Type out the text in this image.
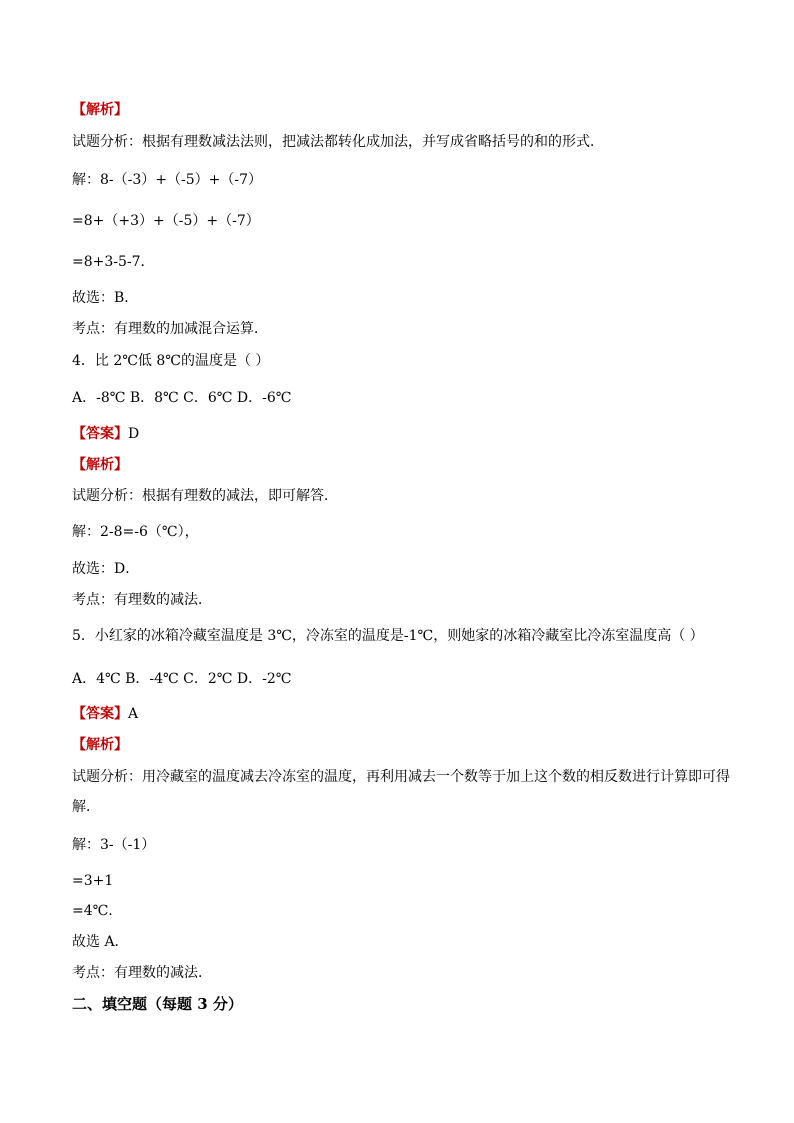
【解析】
试题分析：根据有理数减法法则，把减法都转化成加法，并写成省略括号的和的形式．
解：8-（-3）+（-5）+（-7）
=8+（+3）+（-5）+（-7）
=8+3-5-7．
故选：B．
考点：有理数的加减混合运算．
4．比 2℃低 8℃的温度是（ ）
A．-8℃ B．8℃ C．6℃ D．-6℃
【答案】D
【解析】
试题分析：根据有理数的减法，即可解答．
解：2-8=-6（℃），
故选：D．
考点：有理数的减法．
5．小红家的冰箱冷藏室温度是 3℃，冷冻室的温度是-1℃，则她家的冰箱冷藏室比冷冻室温度高（ ）
A．4℃ B．-4℃ C．2℃ D．-2℃
【答案】A
【解析】
试题分析：用冷藏室的温度减去冷冻室的温度，再利用减去一个数等于加上这个数的相反数进行计算即可得解．
解：3-（-1）
=3+1
=4℃.
故选 A．
考点：有理数的减法．
二、填空题（每题 3 分）
